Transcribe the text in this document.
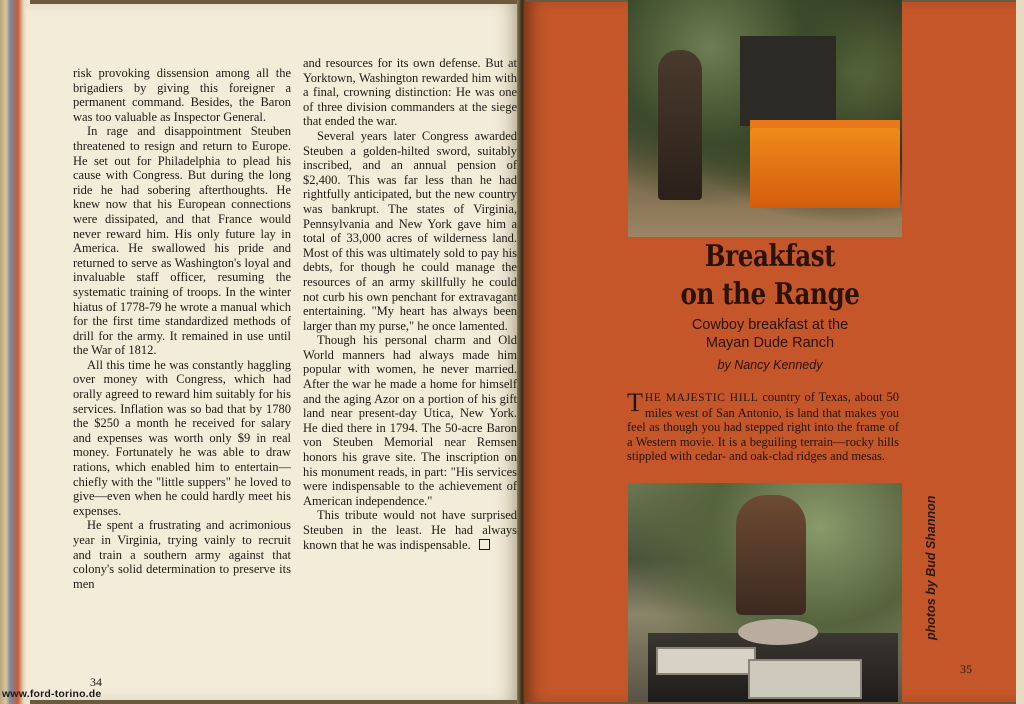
risk provoking dissension among all the brigadiers by giving this foreigner a permanent command. Besides, the Baron was too valuable as Inspector General.

In rage and disappointment Steuben threatened to resign and return to Europe. He set out for Philadelphia to plead his cause with Congress. But during the long ride he had sobering afterthoughts. He knew now that his European connections were dissipated, and that France would never reward him. His only future lay in America. He swallowed his pride and returned to serve as Washington's loyal and invaluable staff officer, resuming the systematic training of troops. In the winter hiatus of 1778-79 he wrote a manual which for the first time standardized methods of drill for the army. It remained in use until the War of 1812.

All this time he was constantly haggling over money with Congress, which had orally agreed to reward him suitably for his services. Inflation was so bad that by 1780 the $250 a month he received for salary and expenses was worth only $9 in real money. Fortunately he was able to draw rations, which enabled him to entertain—chiefly with the "little suppers" he loved to give—even when he could hardly meet his expenses.

He spent a frustrating and acrimonious year in Virginia, trying vainly to recruit and train a southern army against that colony's solid determination to preserve its men

and resources for its own defense. But at Yorktown, Washington rewarded him with a final, crowning distinction: He was one of three division commanders at the siege that ended the war.

Several years later Congress awarded Steuben a golden-hilted sword, suitably inscribed, and an annual pension of $2,400. This was far less than he had rightfully anticipated, but the new country was bankrupt. The states of Virginia, Pennsylvania and New York gave him a total of 33,000 acres of wilderness land. Most of this was ultimately sold to pay his debts, for though he could manage the resources of an army skillfully he could not curb his own penchant for extravagant entertaining. "My heart has always been larger than my purse," he once lamented.

Though his personal charm and Old World manners had always made him popular with women, he never married. After the war he made a home for himself and the aging Azor on a portion of his gift land near present-day Utica, New York. He died there in 1794. The 50-acre Baron von Steuben Memorial near Remsen honors his grave site. The inscription on his monument reads, in part: "His services were indispensable to the achievement of American independence."

This tribute would not have surprised Steuben in the least. He had always known that he was indispensable.

34
www.ford-torino.de
Breakfast
on the Range
Cowboy breakfast at the
Mayan Dude Ranch
by Nancy Kennedy
THE MAJESTIC HILL country of Texas, about 50 miles west of San Antonio, is land that makes you feel as though you had stepped right into the frame of a Western movie. It is a beguiling terrain—rocky hills stippled with cedar- and oak-clad ridges and mesas.
photos by Bud Shannon
35
